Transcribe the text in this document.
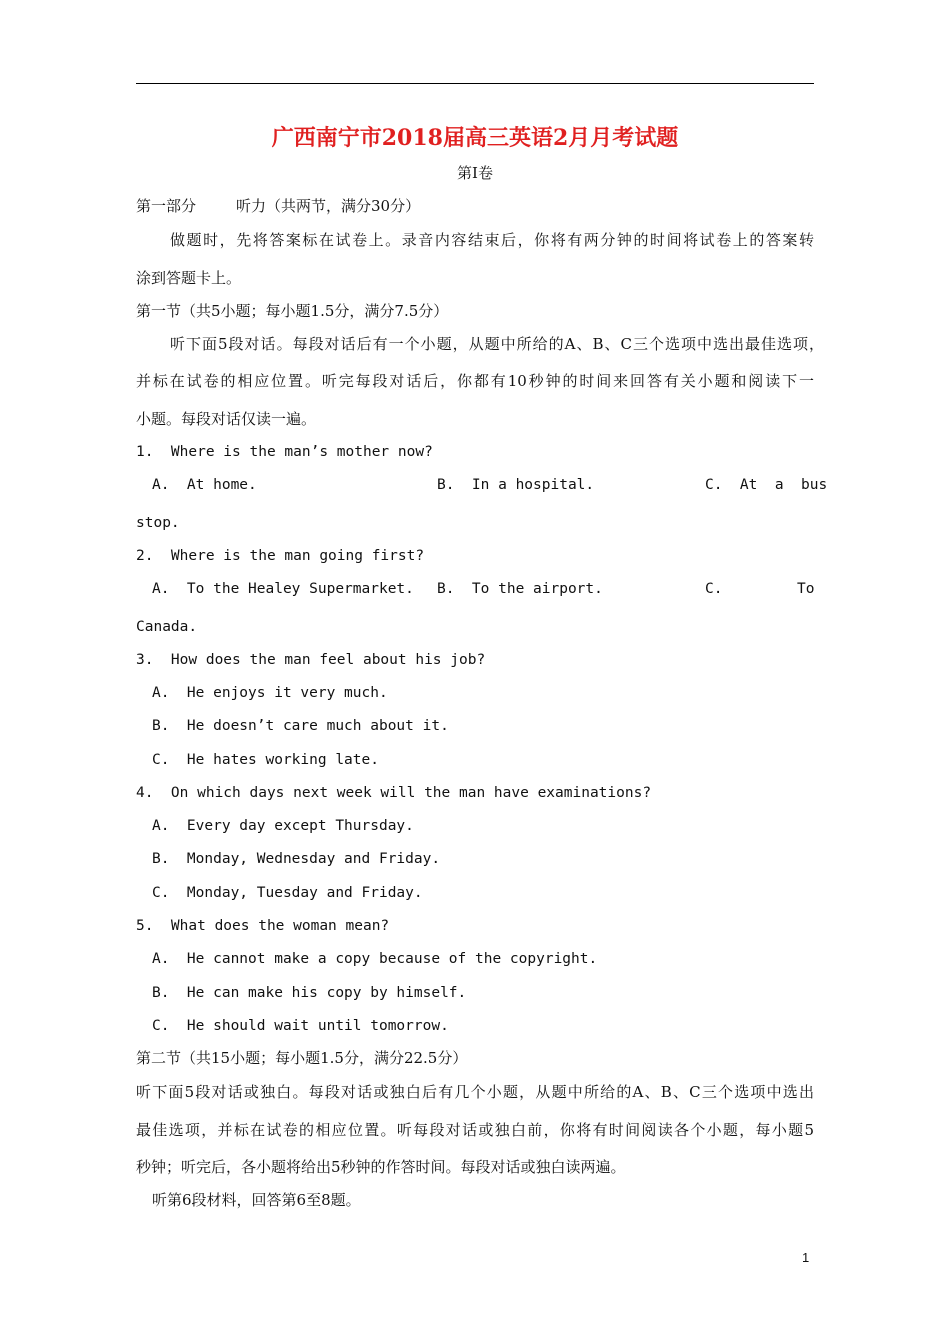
广西南宁市2018届高三英语2月月考试题
第Ⅰ卷
第一部分	听力（共两节，满分30分）
做题时，先将答案标在试卷上。录音内容结束后，你将有两分钟的时间将试卷上的答案转
涂到答题卡上。
第一节（共5小题；每小题1.5分，满分7.5分）
听下面5段对话。每段对话后有一个小题，从题中所给的A、B、C三个选项中选出最佳选项，
并标在试卷的相应位置。听完每段对话后，你都有10秒钟的时间来回答有关小题和阅读下一
小题。每段对话仅读一遍。
1.  Where is the man’s mother now?
A.  At home.	B.  In a hospital.	C.  At  a  bus
stop.
2.  Where is the man going first?
A.  To the Healey Supermarket. B.  To the airport.	C.	To
Canada.
3.  How does the man feel about his job?
A.  He enjoys it very much.
B.  He doesn’t care much about it.
C.  He hates working late.
4.  On which days next week will the man have examinations?
A.  Every day except Thursday.
B.  Monday, Wednesday and Friday.
C.  Monday, Tuesday and Friday.
5.  What does the woman mean?
A.  He cannot make a copy because of the copyright.
B.  He can make his copy by himself.
C.  He should wait until tomorrow.
第二节（共15小题；每小题1.5分，满分22.5分）
听下面5段对话或独白。每段对话或独白后有几个小题，从题中所给的A、B、C三个选项中选出
最佳选项，并标在试卷的相应位置。听每段对话或独白前，你将有时间阅读各个小题，每小题5
秒钟；听完后，各小题将给出5秒钟的作答时间。每段对话或独白读两遍。
听第6段材料，回答第6至8题。
1
